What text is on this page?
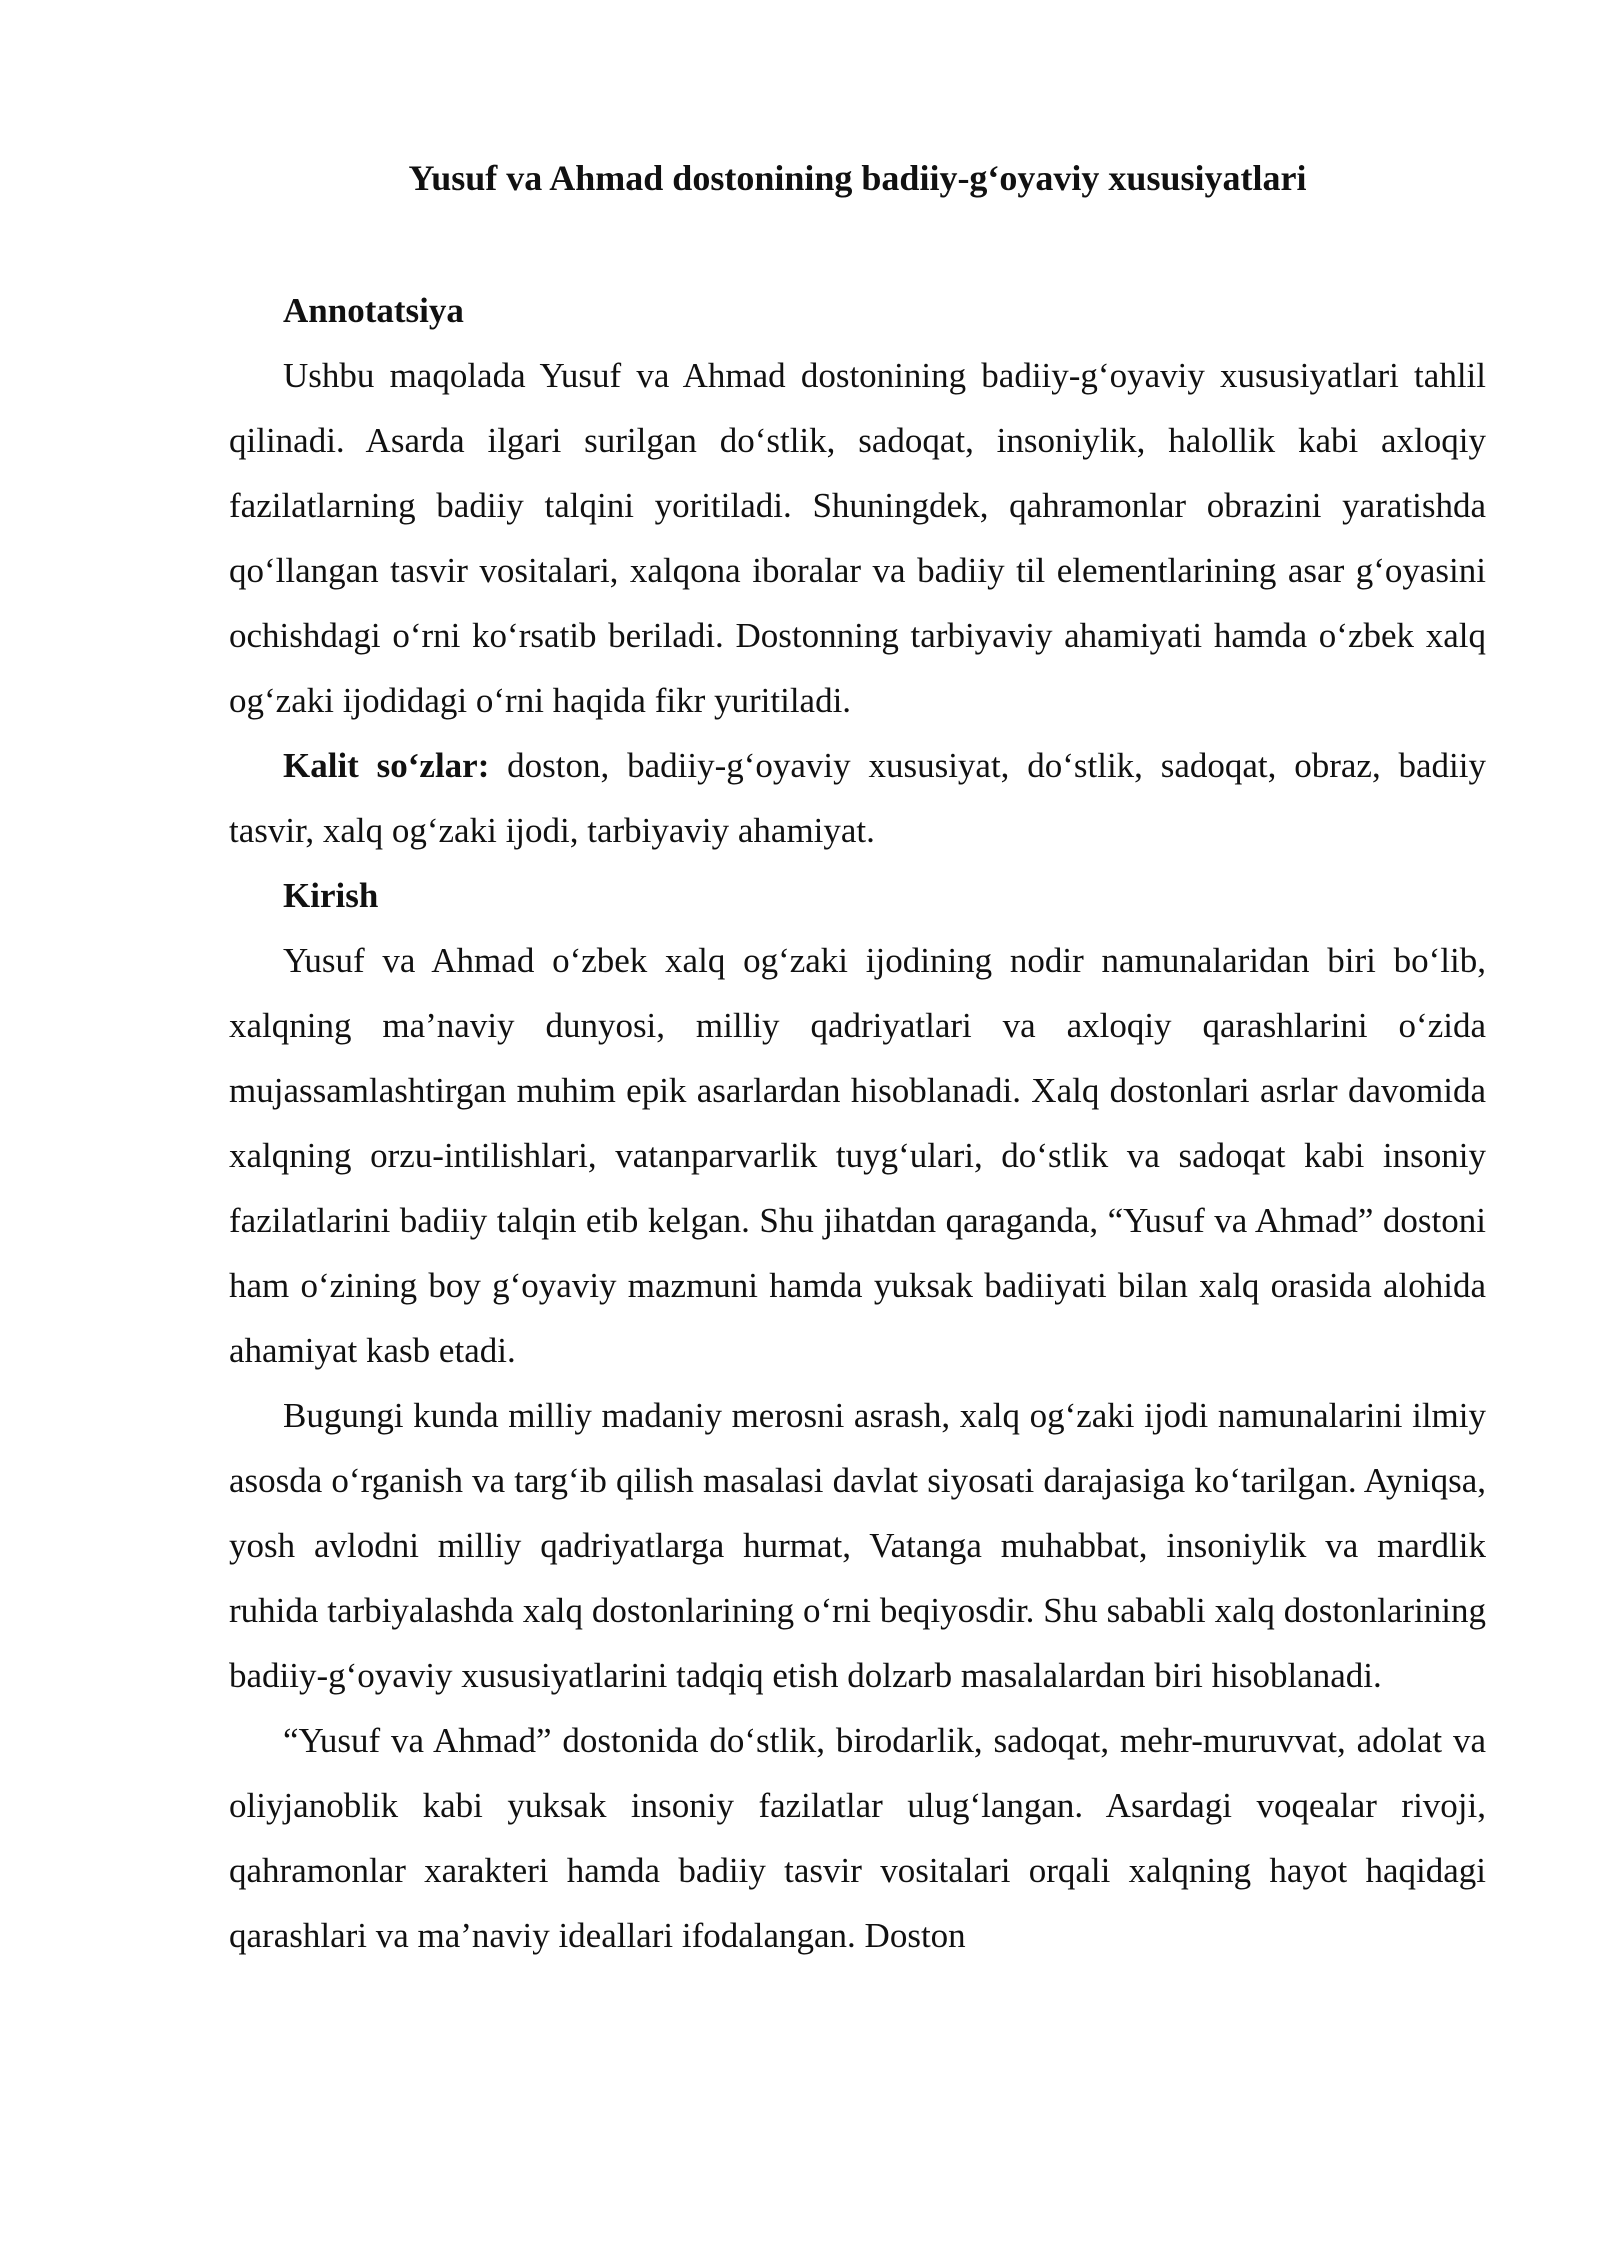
Yusuf va Ahmad dostonining badiiy-g‘oyaviy xususiyatlari
Annotatsiya

Ushbu maqolada Yusuf va Ahmad dostonining badiiy-g‘oyaviy xususiyatlari tahlil qilinadi. Asarda ilgari surilgan do‘stlik, sadoqat, insoniylik, halollik kabi axloqiy fazilatlarning badiiy talqini yoritiladi. Shuningdek, qahramonlar obrazini yaratishda qo‘llangan tasvir vositalari, xalqona iboralar va badiiy til elementlarining asar g‘oyasini ochishdagi o‘rni ko‘rsatib beriladi. Dostonning tarbiyaviy ahamiyati hamda o‘zbek xalq og‘zaki ijodidagi o‘rni haqida fikr yuritiladi.

Kalit so‘zlar: doston, badiiy-g‘oyaviy xususiyat, do‘stlik, sadoqat, obraz, badiiy tasvir, xalq og‘zaki ijodi, tarbiyaviy ahamiyat.

Kirish

Yusuf va Ahmad o‘zbek xalq og‘zaki ijodining nodir namunalaridan biri bo‘lib, xalqning ma’naviy dunyosi, milliy qadriyatlari va axloqiy qarashlarini o‘zida mujassamlashtirgan muhim epik asarlardan hisoblanadi. Xalq dostonlari asrlar davomida xalqning orzu-intilishlari, vatanparvarlik tuyg‘ulari, do‘stlik va sadoqat kabi insoniy fazilatlarini badiiy talqin etib kelgan. Shu jihatdan qaraganda, “Yusuf va Ahmad” dostoni ham o‘zining boy g‘oyaviy mazmuni hamda yuksak badiiyati bilan xalq orasida alohida ahamiyat kasb etadi.

Bugungi kunda milliy madaniy merosni asrash, xalq og‘zaki ijodi namunalarini ilmiy asosda o‘rganish va targ‘ib qilish masalasi davlat siyosati darajasiga ko‘tarilgan. Ayniqsa, yosh avlodni milliy qadriyatlarga hurmat, Vatanga muhabbat, insoniylik va mardlik ruhida tarbiyalashda xalq dostonlarining o‘rni beqiyosdir. Shu sababli xalq dostonlarining badiiy-g‘oyaviy xususiyatlarini tadqiq etish dolzarb masalalardan biri hisoblanadi.

“Yusuf va Ahmad” dostonida do‘stlik, birodarlik, sadoqat, mehr-muruvvat, adolat va oliyjanoblik kabi yuksak insoniy fazilatlar ulug‘langan. Asardagi voqealar rivoji, qahramonlar xarakteri hamda badiiy tasvir vositalari orqali xalqning hayot haqidagi qarashlari va ma’naviy ideallari ifodalangan. Doston
